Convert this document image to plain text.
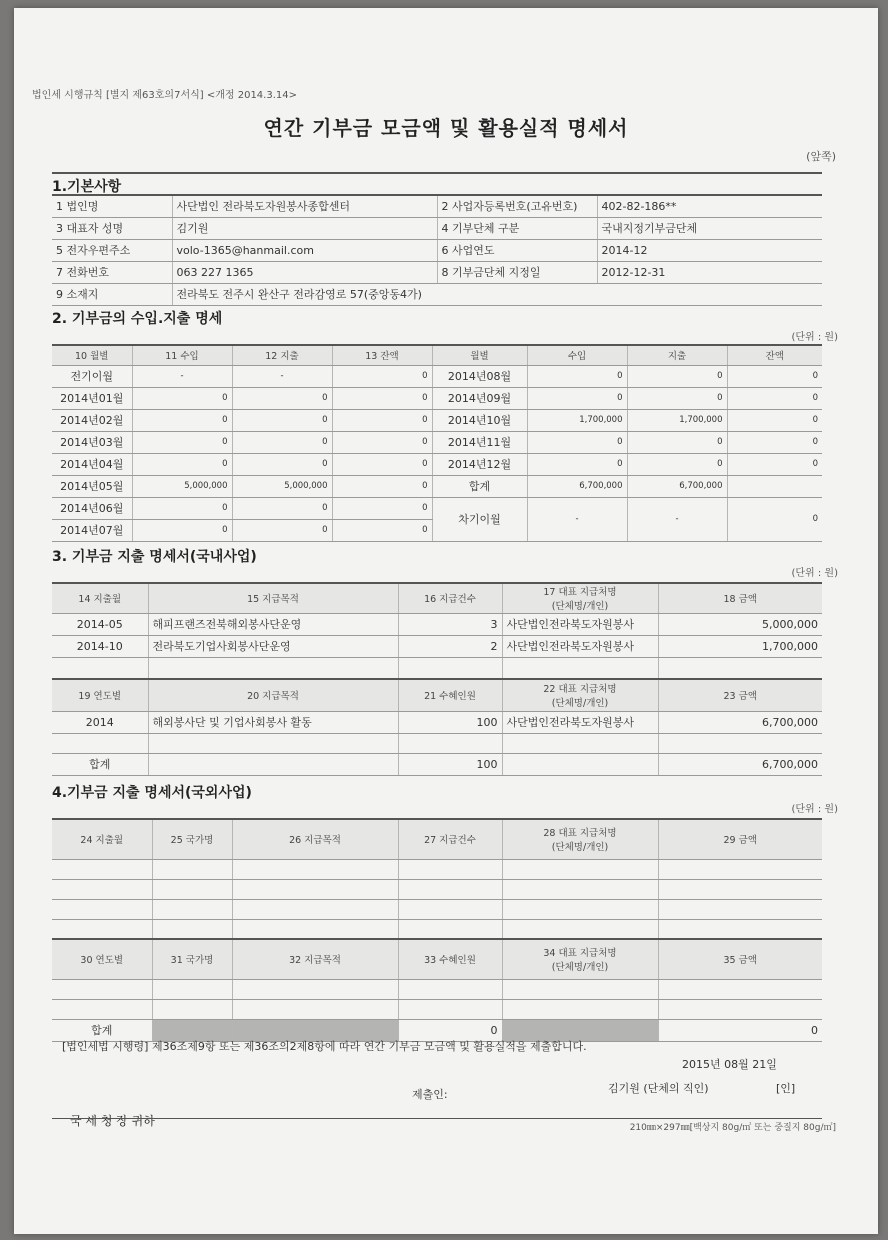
법인세 시행규칙 [별지 제63호의7서식] <개정 2014.3.14>
연간 기부금 모금액 및 활용실적 명세서
(앞쪽)
1.기본사항
1 법인명	사단법인 전라북도자원봉사종합센터	2 사업자등록번호(고유번호)	402-82-186**
3 대표자 성명	김기원	4 기부단체 구분	국내지정기부금단체
5 전자우편주소	volo-1365@hanmail.com	6 사업연도	2014-12
7 전화번호	063 227 1365	8 기부금단체 지정일	2012-12-31
9 소재지	전라북도 전주시 완산구 전라감영로 57(중앙동4가)		
2. 기부금의 수입.지출 명세
(단위 : 원)
10 월별	11 수입	12 지출	13 잔액	월별	수입	지출	잔액
전기이월	-	-	0	2014년08월	0	0	0
2014년01월	0	0	0	2014년09월	0	0	0
2014년02월	0	0	0	2014년10월	1,700,000	1,700,000	0
2014년03월	0	0	0	2014년11월	0	0	0
2014년04월	0	0	0	2014년12월	0	0	0
2014년05월	5,000,000	5,000,000	0	합계	6,700,000	6,700,000	
2014년06월	0	0	0	차기이월	-	-	0
2014년07월	0	0	0				
3. 기부금 지출 명세서(국내사업)
(단위 : 원)
14 지출월	15 지급목적	16 지급건수	17 대표 지급처명
(단체명/개인)	18 금액
2014-05	해피프랜즈전북해외봉사단운영	3	사단법인전라북도자원봉사	5,000,000
2014-10	전라북도기업사회봉사단운영	2	사단법인전라북도자원봉사	1,700,000

19 연도별	20 지급목적	21 수혜인원	22 대표 지급처명
(단체명/개인)	23 금액
2014	해외봉사단 및 기업사회봉사 활동	100	사단법인전라북도자원봉사	6,700,000

합계		100		6,700,000
4.기부금 지출 명세서(국외사업)
(단위 : 원)
24 지출월	25 국가명	26 지급목적	27 지급건수	28 대표 지급처명
(단체명/개인)	29 금액

30 연도별	31 국가명	32 지급목적	33 수혜인원	34 대표 지급처명
(단체명/개인)	35 금액

합계			0		0
[법인세법 시행령] 제36조제9항 또는 제36조의2제8항에 따라 연간 기부금 모금액 및 활용실적을 제출합니다.
2015년 08월 21일
제출인:	김기원 (단체의 직인)	[인]
국 세 청 장 귀하	210㎜×297㎜[백상지 80g/㎡ 또는 중질지 80g/㎡]
